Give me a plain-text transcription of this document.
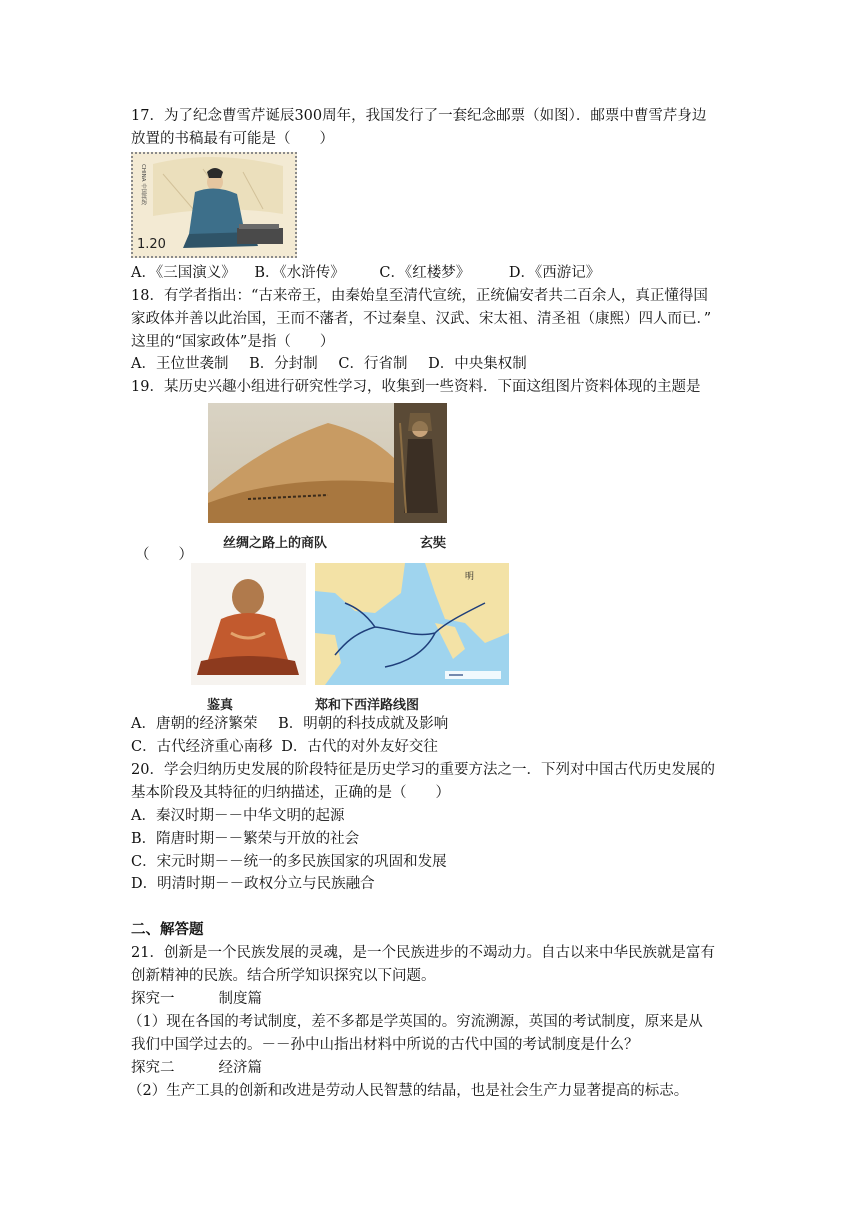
17．为了纪念曹雪芹诞辰300周年，我国发行了一套纪念邮票（如图）．邮票中曹雪芹身边
放置的书稿最有可能是（　　）
CHINA 中国邮政
1.20
A．《三国演义》 B．《水浒传》 C．《红楼梦》	D．《西游记》
18．有学者指出：“古来帝王，由秦始皇至清代宣统，正统偏安者共二百余人，真正懂得国
家政体并善以此治国，王而不藩者，不过秦皇、汉武、宋太祖、清圣祖（康熙）四人而已．”
这里的“国家政体”是指（　　）
A．王位世袭制 B．分封制 C．行省制 D．中央集权制
19．某历史兴趣小组进行研究性学习，收集到一些资料．下面这组图片资料体现的主题是
丝绸之路上的商队	玄奘
（　　）
明
鉴真	郑和下西洋路线图
A．唐朝的经济繁荣 B．明朝的科技成就及影响
C．古代经济重心南移 D．古代的对外友好交往
20．学会归纳历史发展的阶段特征是历史学习的重要方法之一．下列对中国古代历史发展的
基本阶段及其特征的归纳描述，正确的是（　　）
A．秦汉时期－－中华文明的起源
B．隋唐时期－－繁荣与开放的社会
C．宋元时期－－统一的多民族国家的巩固和发展
D．明清时期－－政权分立与民族融合
二、解答题
21．创新是一个民族发展的灵魂，是一个民族进步的不竭动力。自古以来中华民族就是富有
创新精神的民族。结合所学知识探究以下问题。
探究一	制度篇
（1）现在各国的考试制度，差不多都是学英国的。穷流溯源，英国的考试制度，原来是从
我们中国学过去的。－－孙中山指出材料中所说的古代中国的考试制度是什么？
探究二	经济篇
（2）生产工具的创新和改进是劳动人民智慧的结晶，也是社会生产力显著提高的标志。
